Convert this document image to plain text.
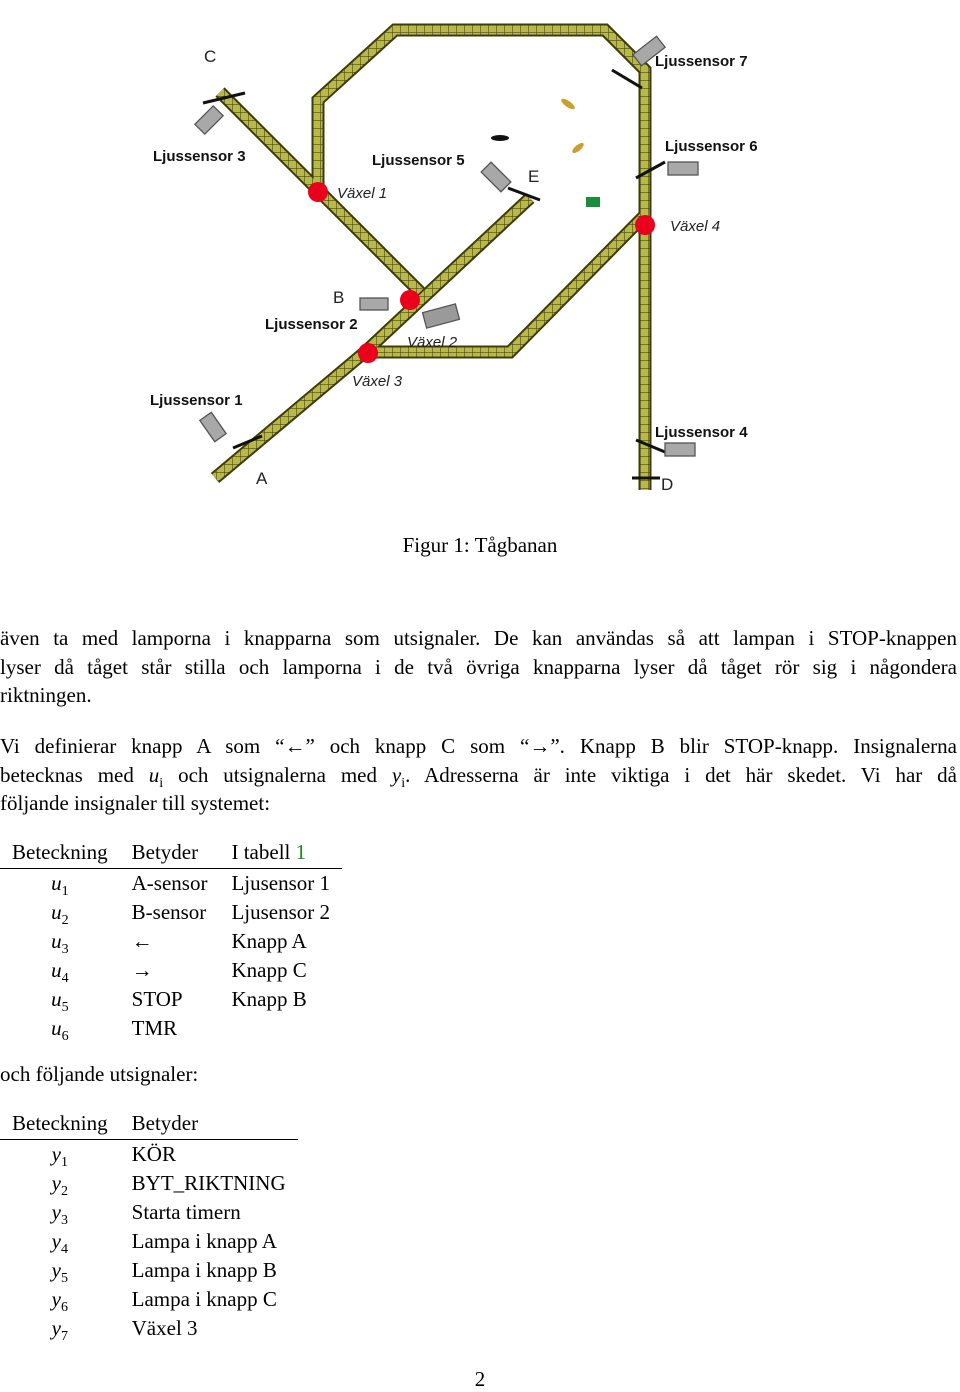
Ljussensor 1
Ljussensor 2
Ljussensor 3
Ljussensor 4
Ljussensor 5
Ljussensor 6
Ljussensor 7
Växel 1
Växel 2
Växel 3
Växel 4
A
B
C
D
E
Figur 1: Tågbanan

även ta med lamporna i knapparna som utsignaler. De kan användas så att lampan i STOP-knappen
lyser då tåget står stilla och lamporna i de två övriga knapparna lyser då tåget rör sig i någondera
riktningen.

Vi definierar knapp A som “←” och knapp C som “→”. Knapp B blir STOP-knapp. Insignalerna
betecknas med $u_i$ och utsignalerna med $y_i$. Adresserna är inte viktiga i det här skedet. Vi har då
följande insignaler till systemet:

Beteckning	Betyder	I tabell 1
$u_1$	A-sensor	Ljusensor 1
$u_2$	B-sensor	Ljusensor 2
$u_3$	←	Knapp A
$u_4$	→	Knapp C
$u_5$	STOP	Knapp B
$u_6$	TMR	
och följande utsignaler:
Beteckning	Betyder
$y_1$	KÖR
$y_2$	BYT_RIKTNING
$y_3$	Starta timern
$y_4$	Lampa i knapp A
$y_5$	Lampa i knapp B
$y_6$	Lampa i knapp C
$y_7$	Växel 3
2
